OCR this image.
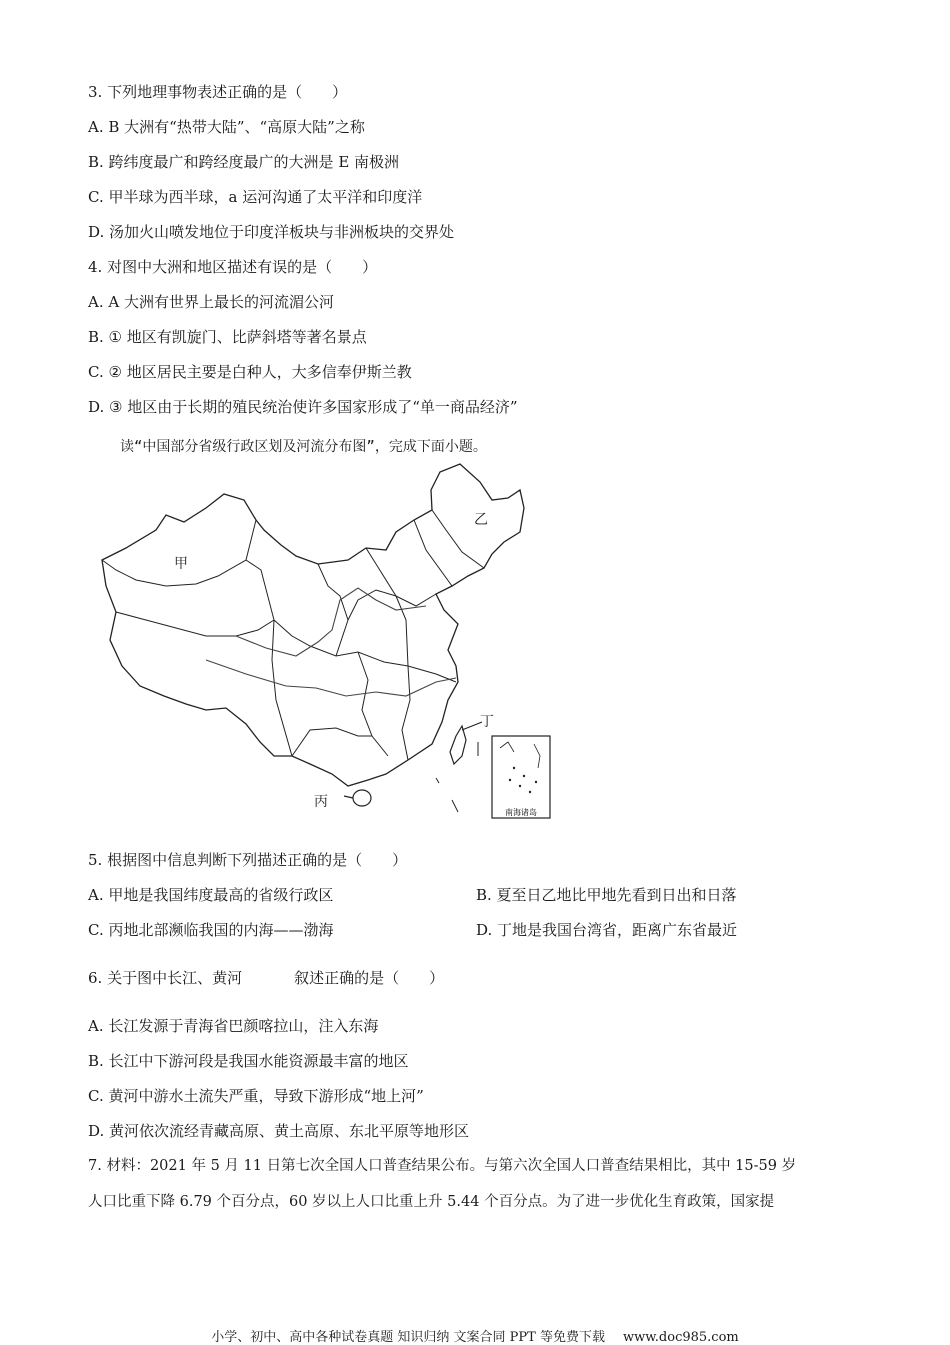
3. 下列地理事物表述正确的是（　　）
A. B 大洲有“热带大陆”、“高原大陆”之称
B. 跨纬度最广和跨经度最广的大洲是 E 南极洲
C. 甲半球为西半球，a 运河沟通了太平洋和印度洋
D. 汤加火山喷发地位于印度洋板块与非洲板块的交界处
4. 对图中大洲和地区描述有误的是（　　）
A. A 大洲有世界上最长的河流湄公河
B. ① 地区有凯旋门、比萨斜塔等著名景点
C. ② 地区居民主要是白种人，大多信奉伊斯兰教
D. ③ 地区由于长期的殖民统治使许多国家形成了“单一商品经济”
读“中国部分省级行政区划及河流分布图”，完成下面小题。
南海诸岛
甲
乙
丙
丁
5. 根据图中信息判断下列描述正确的是（　　）
A. 甲地是我国纬度最高的省级行政区	B. 夏至日乙地比甲地先看到日出和日落
C. 丙地北部濒临我国的内海——渤海	D. 丁地是我国台湾省，距离广东省最近
6. 关于图中长江、黄河	叙述正确的是（　　）
A. 长江发源于青海省巴颜喀拉山，注入东海
B. 长江中下游河段是我国水能资源最丰富的地区
C. 黄河中游水土流失严重，导致下游形成“地上河”
D. 黄河依次流经青藏高原、黄土高原、东北平原等地形区
7. 材料：2021 年 5 月 11 日第七次全国人口普查结果公布。与第六次全国人口普查结果相比，其中 15-59 岁
人口比重下降 6.79 个百分点，60 岁以上人口比重上升 5.44 个百分点。为了进一步优化生育政策，国家提
小学、初中、高中各种试卷真题 知识归纳 文案合同 PPT 等免费下载 www.doc985.com
